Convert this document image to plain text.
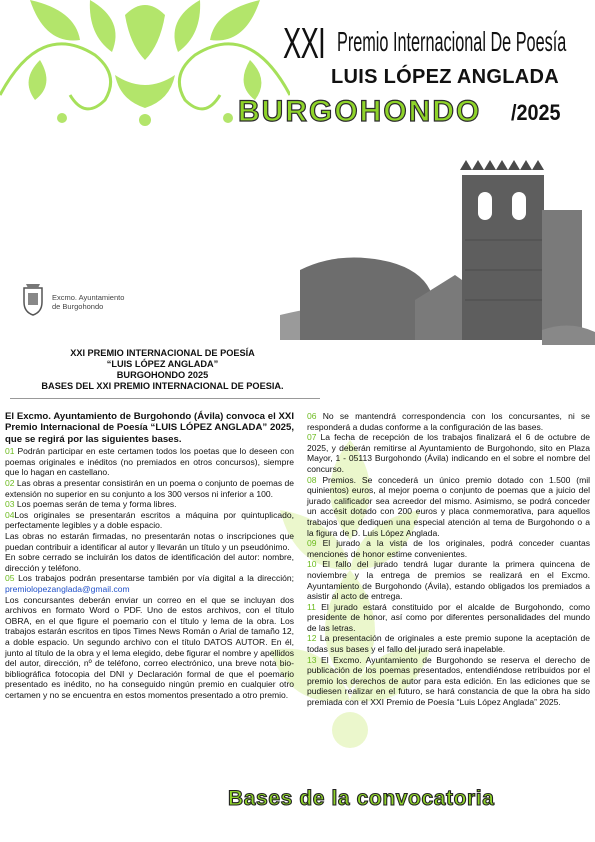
XXI Premio Internacional De Poesía
LUIS LÓPEZ ANGLADA
BURGOHONDO /2025
Excmo. Ayuntamiento
de Burgohondo
XXI PREMIO INTERNACIONAL DE POESÍA
“LUIS LÓPEZ ANGLADA”
BURGOHONDO 2025
BASES DEL XXI PREMIO INTERNACIONAL DE POESIA.

El Excmo. Ayuntamiento de Burgohondo (Ávila) convoca el XXI Premio Internacional de Poesía “LUIS LÓPEZ ANGLADA” 2025, que se regirá por las siguientes bases.

01 Podrán participar en este certamen todos los poetas que lo deseen con poemas originales e inéditos (no premiados en otros concursos), siempre que lo hagan en castellano.

02 Las obras a presentar consistirán en un poema o conjunto de poemas de extensión no superior en su conjunto a los 300 versos ni inferior a 100.

03 Los poemas serán de tema y forma libres.

04Los originales se presentarán escritos a máquina por quintuplicado, perfectamente legibles y a doble espacio.

Las obras no estarán firmadas, no presentarán notas o inscripciones que puedan contribuir a identificar al autor y llevarán un título y un pseudónimo.

En sobre cerrado se incluirán los datos de identificación del autor: nombre, dirección y teléfono.

05 Los trabajos podrán presentarse también por vía digital a la dirección; premiolopezanglada@gmail.com

Los concursantes deberán enviar un correo en el que se incluyan dos archivos en formato Word o PDF. Uno de estos archivos, con el título OBRA, en el que figure el poemario con el título y lema de la obra. Los trabajos estarán escritos en tipos Times News Román o Arial de tamaño 12, a doble espacio. Un segundo archivo con el título DATOS AUTOR. En él, junto al título de la obra y el lema elegido, debe figurar el nombre y apellidos del autor, dirección, nº de teléfono, correo electrónico, una breve nota bio-bibliográfica fotocopia del DNI y Declaración formal de que el poemario presentado es inédito, no ha conseguido ningún premio en cualquier otro certamen y no se encuentra en estos momentos presentado a otro premio.

06 No se mantendrá correspondencia con los concursantes, ni se responderá a dudas conforme a la configuración de las bases.

07 La fecha de recepción de los trabajos finalizará el 6 de octubre de 2025, y deberán remitirse al Ayuntamiento de Burgohondo, sito en Plaza Mayor, 1 - 05113 Burgohondo (Ávila) indicando en el sobre el nombre del concurso.

08 Premios. Se concederá un único premio dotado con 1.500 (mil quinientos) euros, al mejor poema o conjunto de poemas que a juicio del jurado calificador sea acreedor del mismo. Asimismo, se podrá conceder un accésit dotado con 200 euros y placa conmemorativa, para aquellos trabajos que dediquen una especial atención al tema de Burgohondo o a la figura de D. Luis López Anglada.

09 El jurado a la vista de los originales, podrá conceder cuantas menciones de honor estime convenientes.

10 El fallo del jurado tendrá lugar durante la primera quincena de noviembre y la entrega de premios se realizará en el Excmo. Ayuntamiento de Burgohondo (Ávila), estando obligados los premiados a asistir al acto de entrega.

11 El jurado estará constituido por el alcalde de Burgohondo, como presidente de honor, así como por diferentes personalidades del mundo de las letras.

12 La presentación de originales a este premio supone la aceptación de todas sus bases y el fallo del jurado será inapelable.

13 El Excmo. Ayuntamiento de Burgohondo se reserva el derecho de publicación de los poemas presentados, entendiéndose retribuidos por el premio los derechos de autor para esta edición. En las ediciones que se pudiesen realizar en el futuro, se hará constancia de que la obra ha sido premiada con el XXI Premio de Poesía “Luis López Anglada” 2025.

Bases de la convocatoria
